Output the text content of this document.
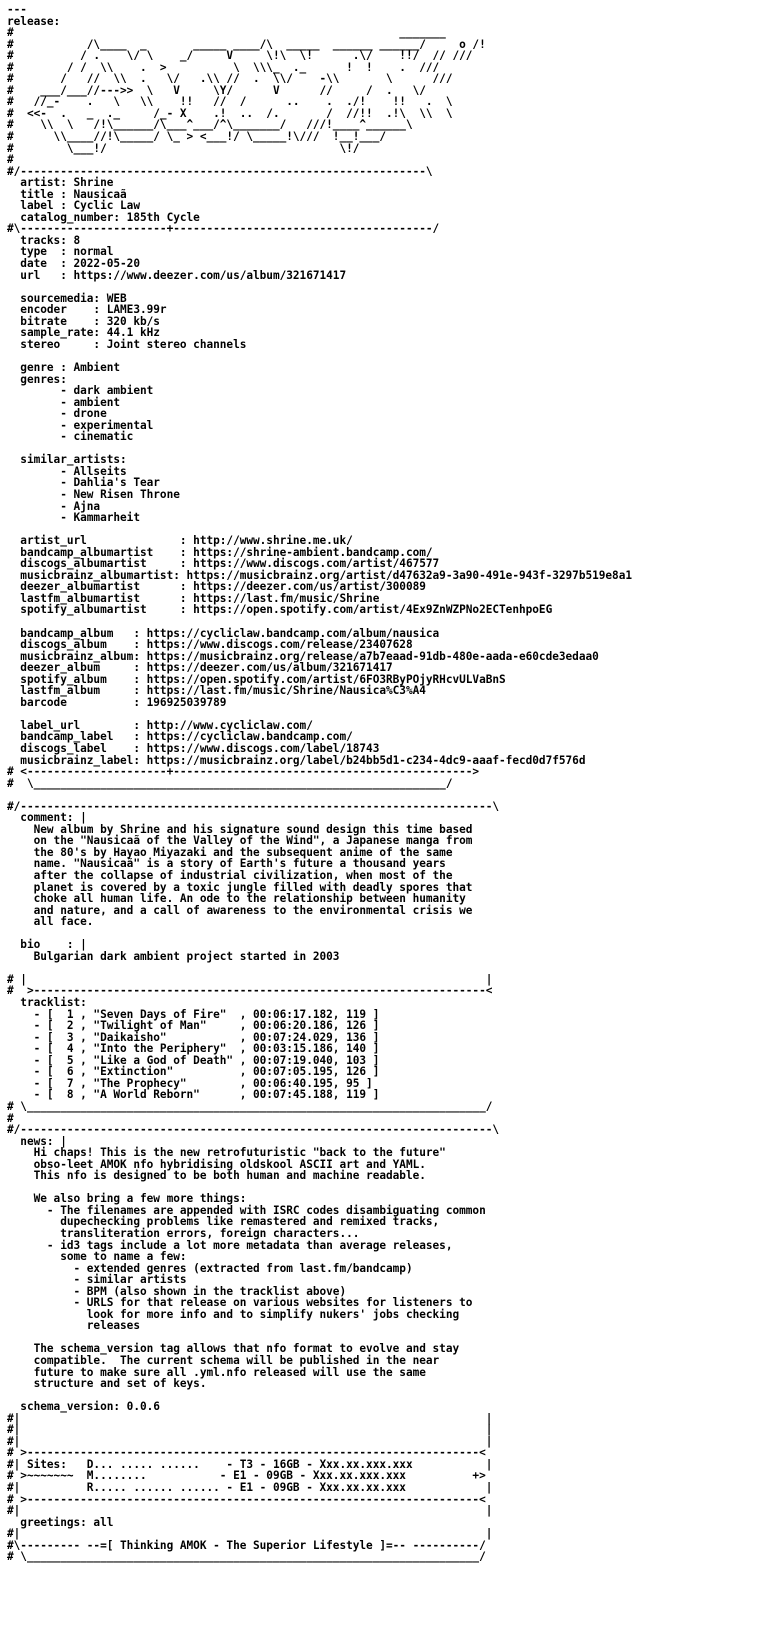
---
release:
#                                                          _______
#           /\____  _       _____ ____/\  _____  ______ ______/     o /!
#          / .    \/ \    _/     V     \!\  \!      .\/    !!/  // ///
#        / /  \\    .  >          \  \\\_  ._      !  !    .  ///
#       /   //  \\  .   \/   .\\ //  .  \\/    -\\       \      ///
#    ___/___//--->>  \   V     \Y/      V      //     /  .   \/
#   //_-    .   \   \\    !!   //  /      ..    .  ./!    !!   .  \
#  <<-  .   _  ._     /_- X    .!  ..  /.       /  //!!  .!\  \\  \
#    \\  \   /!\______/\___^___/^\_______/   ///!____^______\
#      \\____//!\_____/ \_ > <___!/ \_____!\///  !__!___/
#        \___!/                                   \!/
#
#/-------------------------------------------------------------\
artist: Shrine
title : Nausicaã
label : Cyclic Law
catalog_number: 185th Cycle
#\----------------------+---------------------------------------/
tracks: 8
type  : normal
date  : 2022-05-20
url   : https://www.deezer.com/us/album/321671417
sourcemedia: WEB
encoder    : LAME3.99r
bitrate    : 320 kb/s
sample_rate: 44.1 kHz
stereo     : Joint stereo channels
genre : Ambient
genres:
- dark ambient
- ambient
- drone
- experimental
- cinematic
similar_artists:
- Allseits
- Dahlia's Tear
- New Risen Throne
- Ajna
- Kammarheit
artist_url              : http://www.shrine.me.uk/
bandcamp_albumartist    : https://shrine-ambient.bandcamp.com/
discogs_albumartist     : https://www.discogs.com/artist/467577
musicbrainz_albumartist: https://musicbrainz.org/artist/d47632a9-3a90-491e-943f-3297b519e8a1
deezer_albumartist      : https://deezer.com/us/artist/300089
lastfm_albumartist      : https://last.fm/music/Shrine
spotify_albumartist     : https://open.spotify.com/artist/4Ex9ZnWZPNo2ECTenhpoEG
bandcamp_album   : https://cycliclaw.bandcamp.com/album/nausica
discogs_album    : https://www.discogs.com/release/23407628
musicbrainz_album: https://musicbrainz.org/release/a7b7eaad-91db-480e-aada-e60cde3edaa0
deezer_album     : https://deezer.com/us/album/321671417
spotify_album    : https://open.spotify.com/artist/6FO3RByPOjyRHcvULVaBnS
lastfm_album     : https://last.fm/music/Shrine/Nausica%C3%A4
barcode          : 196925039789
label_url        : http://www.cycliclaw.com/
bandcamp_label   : https://cycliclaw.bandcamp.com/
discogs_label    : https://www.discogs.com/label/18743
musicbrainz_label: https://musicbrainz.org/label/b24bb5d1-c234-4dc9-aaaf-fecd0d7f576d
# <---------------------+--------------------------------------------->
#  \______________________________________________________________/
#/-----------------------------------------------------------------------\
comment: |
New album by Shrine and his signature sound design this time based
on the "Nausicaã of the Valley of the Wind", a Japanese manga from
the 80's by Hayao Miyazaki and the subsequent anime of the same
name. "Nausicaã" is a story of Earth's future a thousand years
after the collapse of industrial civilization, when most of the
planet is covered by a toxic jungle filled with deadly spores that
choke all human life. An ode to the relationship between humanity
and nature, and a call of awareness to the environmental crisis we
all face.
bio    : |
Bulgarian dark ambient project started in 2003
# |                                                                     |
#  >--------------------------------------------------------------------<
tracklist:
- [  1 , "Seven Days of Fire"  , 00:06:17.182, 119 ]
- [  2 , "Twilight of Man"     , 00:06:20.186, 126 ]
- [  3 , "Daikaisho"           , 00:07:24.029, 136 ]
- [  4 , "Into the Periphery"  , 00:03:15.186, 140 ]
- [  5 , "Like a God of Death" , 00:07:19.040, 103 ]
- [  6 , "Extinction"          , 00:07:05.195, 126 ]
- [  7 , "The Prophecy"        , 00:06:40.195, 95 ]
- [  8 , "A World Reborn"      , 00:07:45.188, 119 ]
# \_____________________________________________________________________/
#
#/-----------------------------------------------------------------------\
news: |
Hi chaps! This is the new retrofuturistic "back to the future"
obso-leet AMOK nfo hybridising oldskool ASCII art and YAML.
This nfo is designed to be both human and machine readable.
We also bring a few more things:
- The filenames are appended with ISRC codes disambiguating common
dupechecking problems like remastered and remixed tracks,
transliteration errors, foreign characters...
- id3 tags include a lot more metadata than average releases,
some to name a few:
- extended genres (extracted from last.fm/bandcamp)
- similar artists
- BPM (also shown in the tracklist above)
- URLS for that release on various websites for listeners to
look for more info and to simplify nukers' jobs checking
releases
The schema_version tag allows that nfo format to evolve and stay
compatible.  The current schema will be published in the near
future to make sure all .yml.nfo released will use the same
structure and set of keys.
schema_version: 0.0.6
#|                                                                      |
#|                                                                      |
#|                                                                      |
# >--------------------------------------------------------------------<
#| Sites:   D... ..... ......    - T3 - 16GB - Xxx.xx.xxx.xxx           |
# >~~~~~~~  M........           - E1 - 09GB - Xxx.xx.xxx.xxx          +>
#|          R..... ...... ...... - E1 - 09GB - Xxx.xx.xx.xxx            |
# >--------------------------------------------------------------------<
#|                                                                      |
greetings: all
#|                                                                      |
#\--------- --=[ Thinking AMOK - The Superior Lifestyle ]=-- ----------/
# \____________________________________________________________________/
